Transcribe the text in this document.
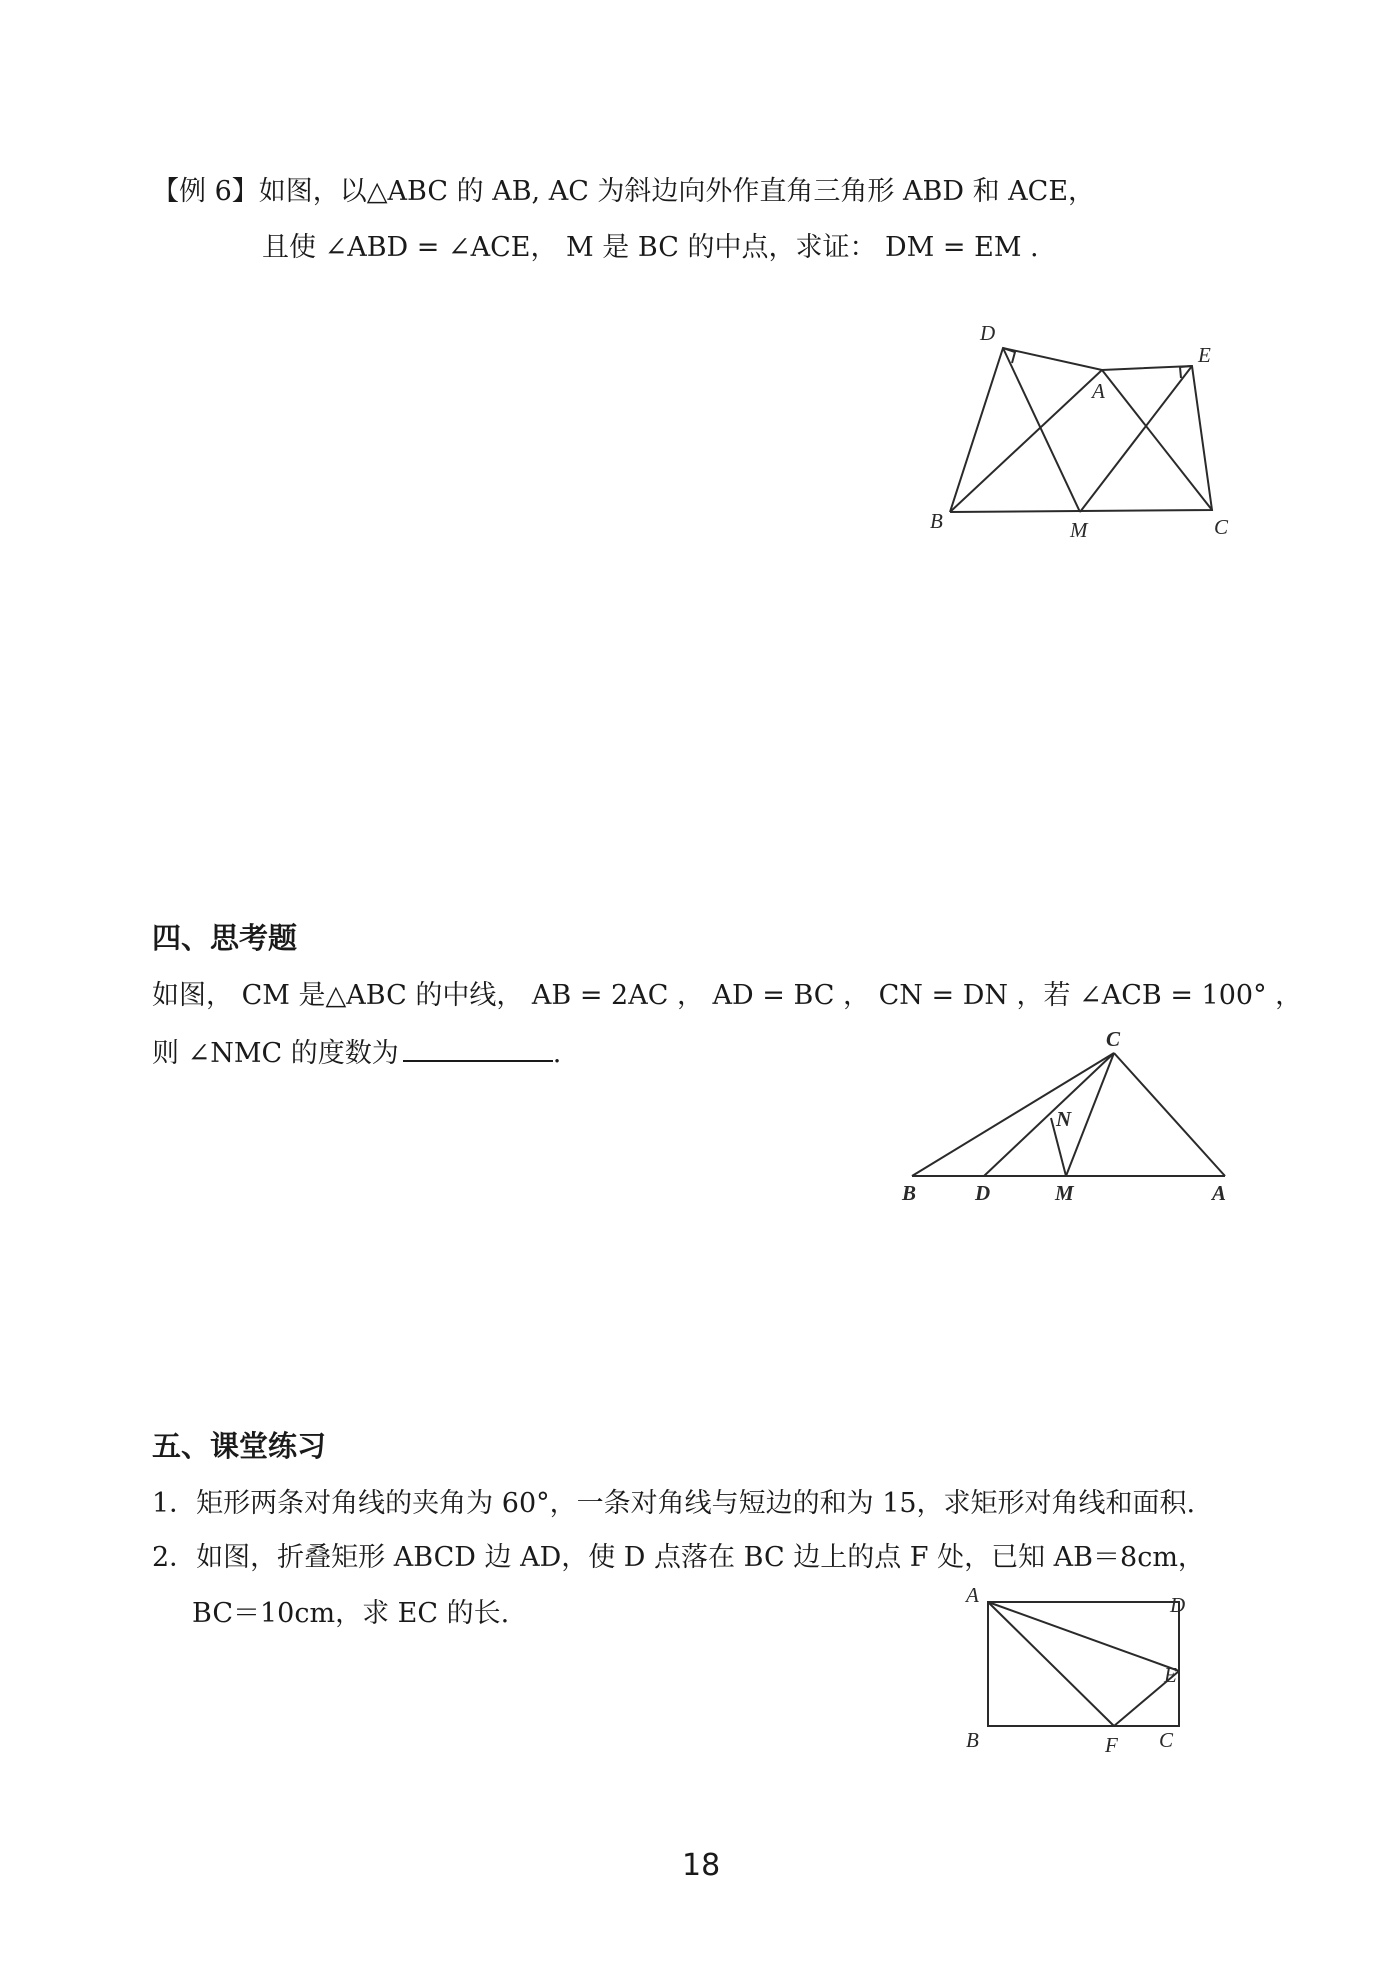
【例 6】如图，以△ABC 的 AB, AC 为斜边向外作直角三角形 ABD 和 ACE，
且使 ∠ABD = ∠ACE， M 是 BC 的中点，求证： DM = EM .
D
E
A
B	M	C
四、思考题
如图， CM 是△ABC 的中线， AB = 2AC ， AD = BC ， CN = DN ，若 ∠ACB = 100° ，
则 ∠NMC 的度数为	.	C
N
B	D	M	A
五、课堂练习
1．矩形两条对角线的夹角为 60°，一条对角线与短边的和为 15，求矩形对角线和面积.
2．如图，折叠矩形 ABCD 边 AD，使 D 点落在 BC 边上的点 F 处，已知 AB＝8cm，
BC＝10cm，求 EC 的长.
A	D
E
B	F C
18
